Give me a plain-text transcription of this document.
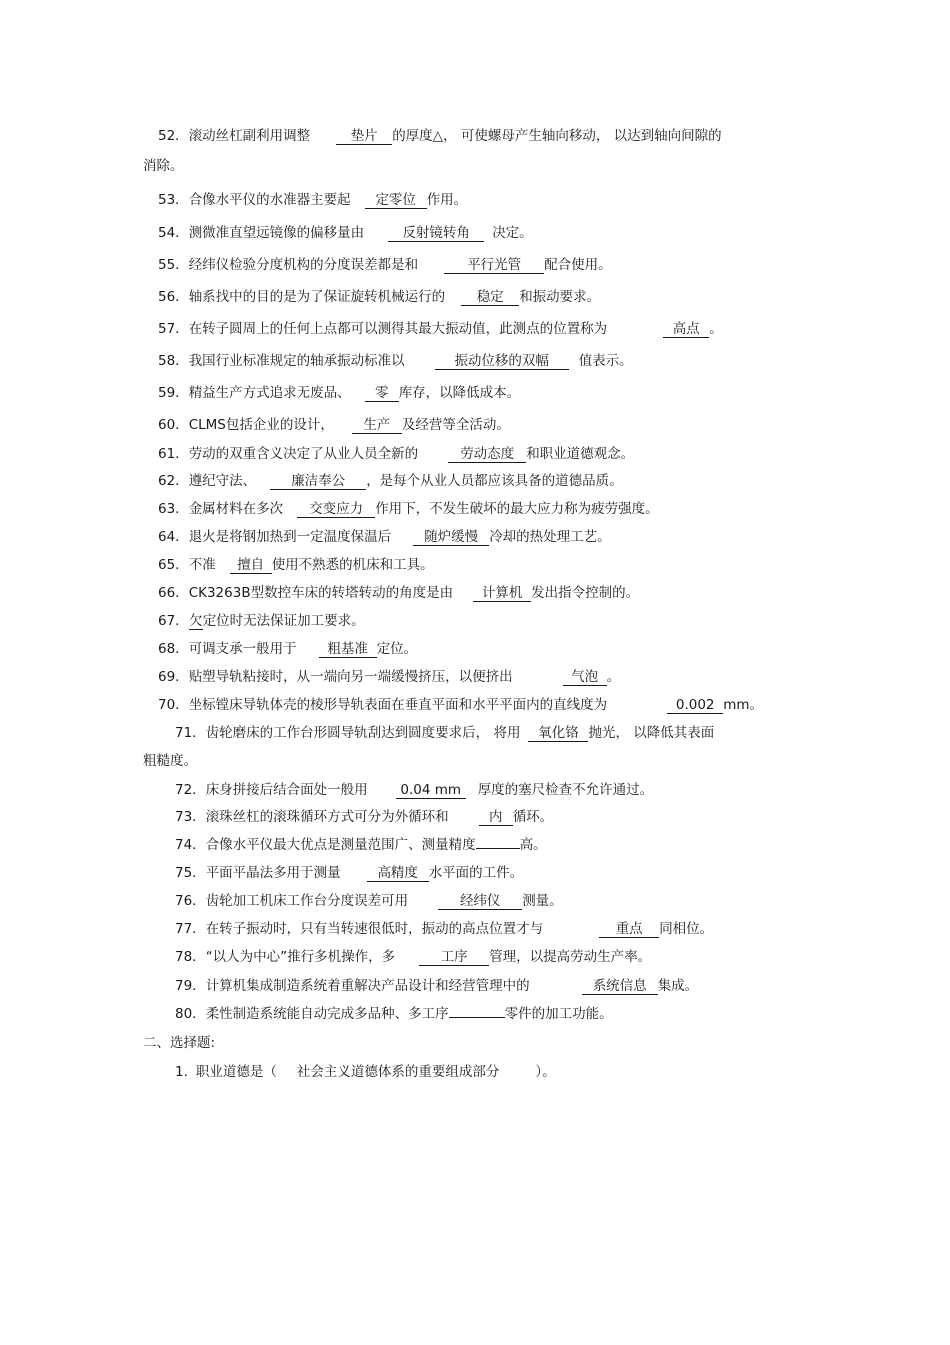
52．滚动丝杠副利用调整	垫片 的厚度△， 可使螺母产生轴向移动， 以达到轴向间隙的
消除。
53．合像水平仪的水准器主要起 定零位 作用。
54．测微准直望远镜像的偏移量由	反射镜转角 决定。
55．经纬仪检验分度机构的分度误差都是和	平行光管 配合使用。
56．轴系找中的目的是为了保证旋转机械运行的 稳定 和振动要求。
57．在转子圆周上的任何上点都可以测得其最大振动值，此测点的位置称为	高点 。
58．我国行业标准规定的轴承振动标准以	振动位移的双幅 值表示。
59．精益生产方式追求无废品、 零 库存，以降低成本。
60．CLMS包括企业的设计， 生产 及经营等全活动。
61．劳动的双重含义决定了从业人员全新的	劳动态度 和职业道德观念。
62．遵纪守法、	廉洁奉公 ，是每个从业人员都应该具备的道德品质。
63．金属材料在多次 交变应力 作用下，不发生破坏的最大应力称为疲劳强度。
64．退火是将钢加热到一定温度保温后 随炉缓慢 冷却的热处理工艺。
65．不准 擅自 使用不熟悉的机床和工具。
66．CK3263B型数控车床的转塔转动的角度是由 计算机 发出指令控制的。
67．欠定位时无法保证加工要求。
68．可调支承一般用于 粗基准 定位。
69．贴塑导轨粘接时，从一端向另一端缓慢挤压，以便挤出	气泡 。
70．坐标镗床导轨体壳的棱形导轨表面在垂直平面和水平平面内的直线度为	0.002 mm。
71．齿轮磨床的工作台形圆导轨刮达到圆度要求后， 将用 氧化铬 抛光， 以降低其表面
粗糙度。
72．床身拼接后结合面处一般用 0.04 mm 厚度的塞尺检查不允许通过。
73．滚珠丝杠的滚珠循环方式可分为外循环和	内 循环。
74．合像水平仪最大优点是测量范围广、测量精度	高。
75．平面平晶法多用于测量	高精度 水平面的工件。
76．齿轮加工机床工作台分度误差可用	经纬仪 测量。
77．在转子振动时，只有当转速很低时，振动的高点位置才与	重点 同相位。
78．“以人为中心”推行多机操作，多	工序 管理，以提高劳动生产率。
79．计算机集成制造系统着重解决产品设计和经营管理中的	系统信息 集成。
80．柔性制造系统能自动完成多品种、多工序	零件的加工功能。
二、选择题:
1. 职业道德是（ 社会主义道德体系的重要组成部分	）。
